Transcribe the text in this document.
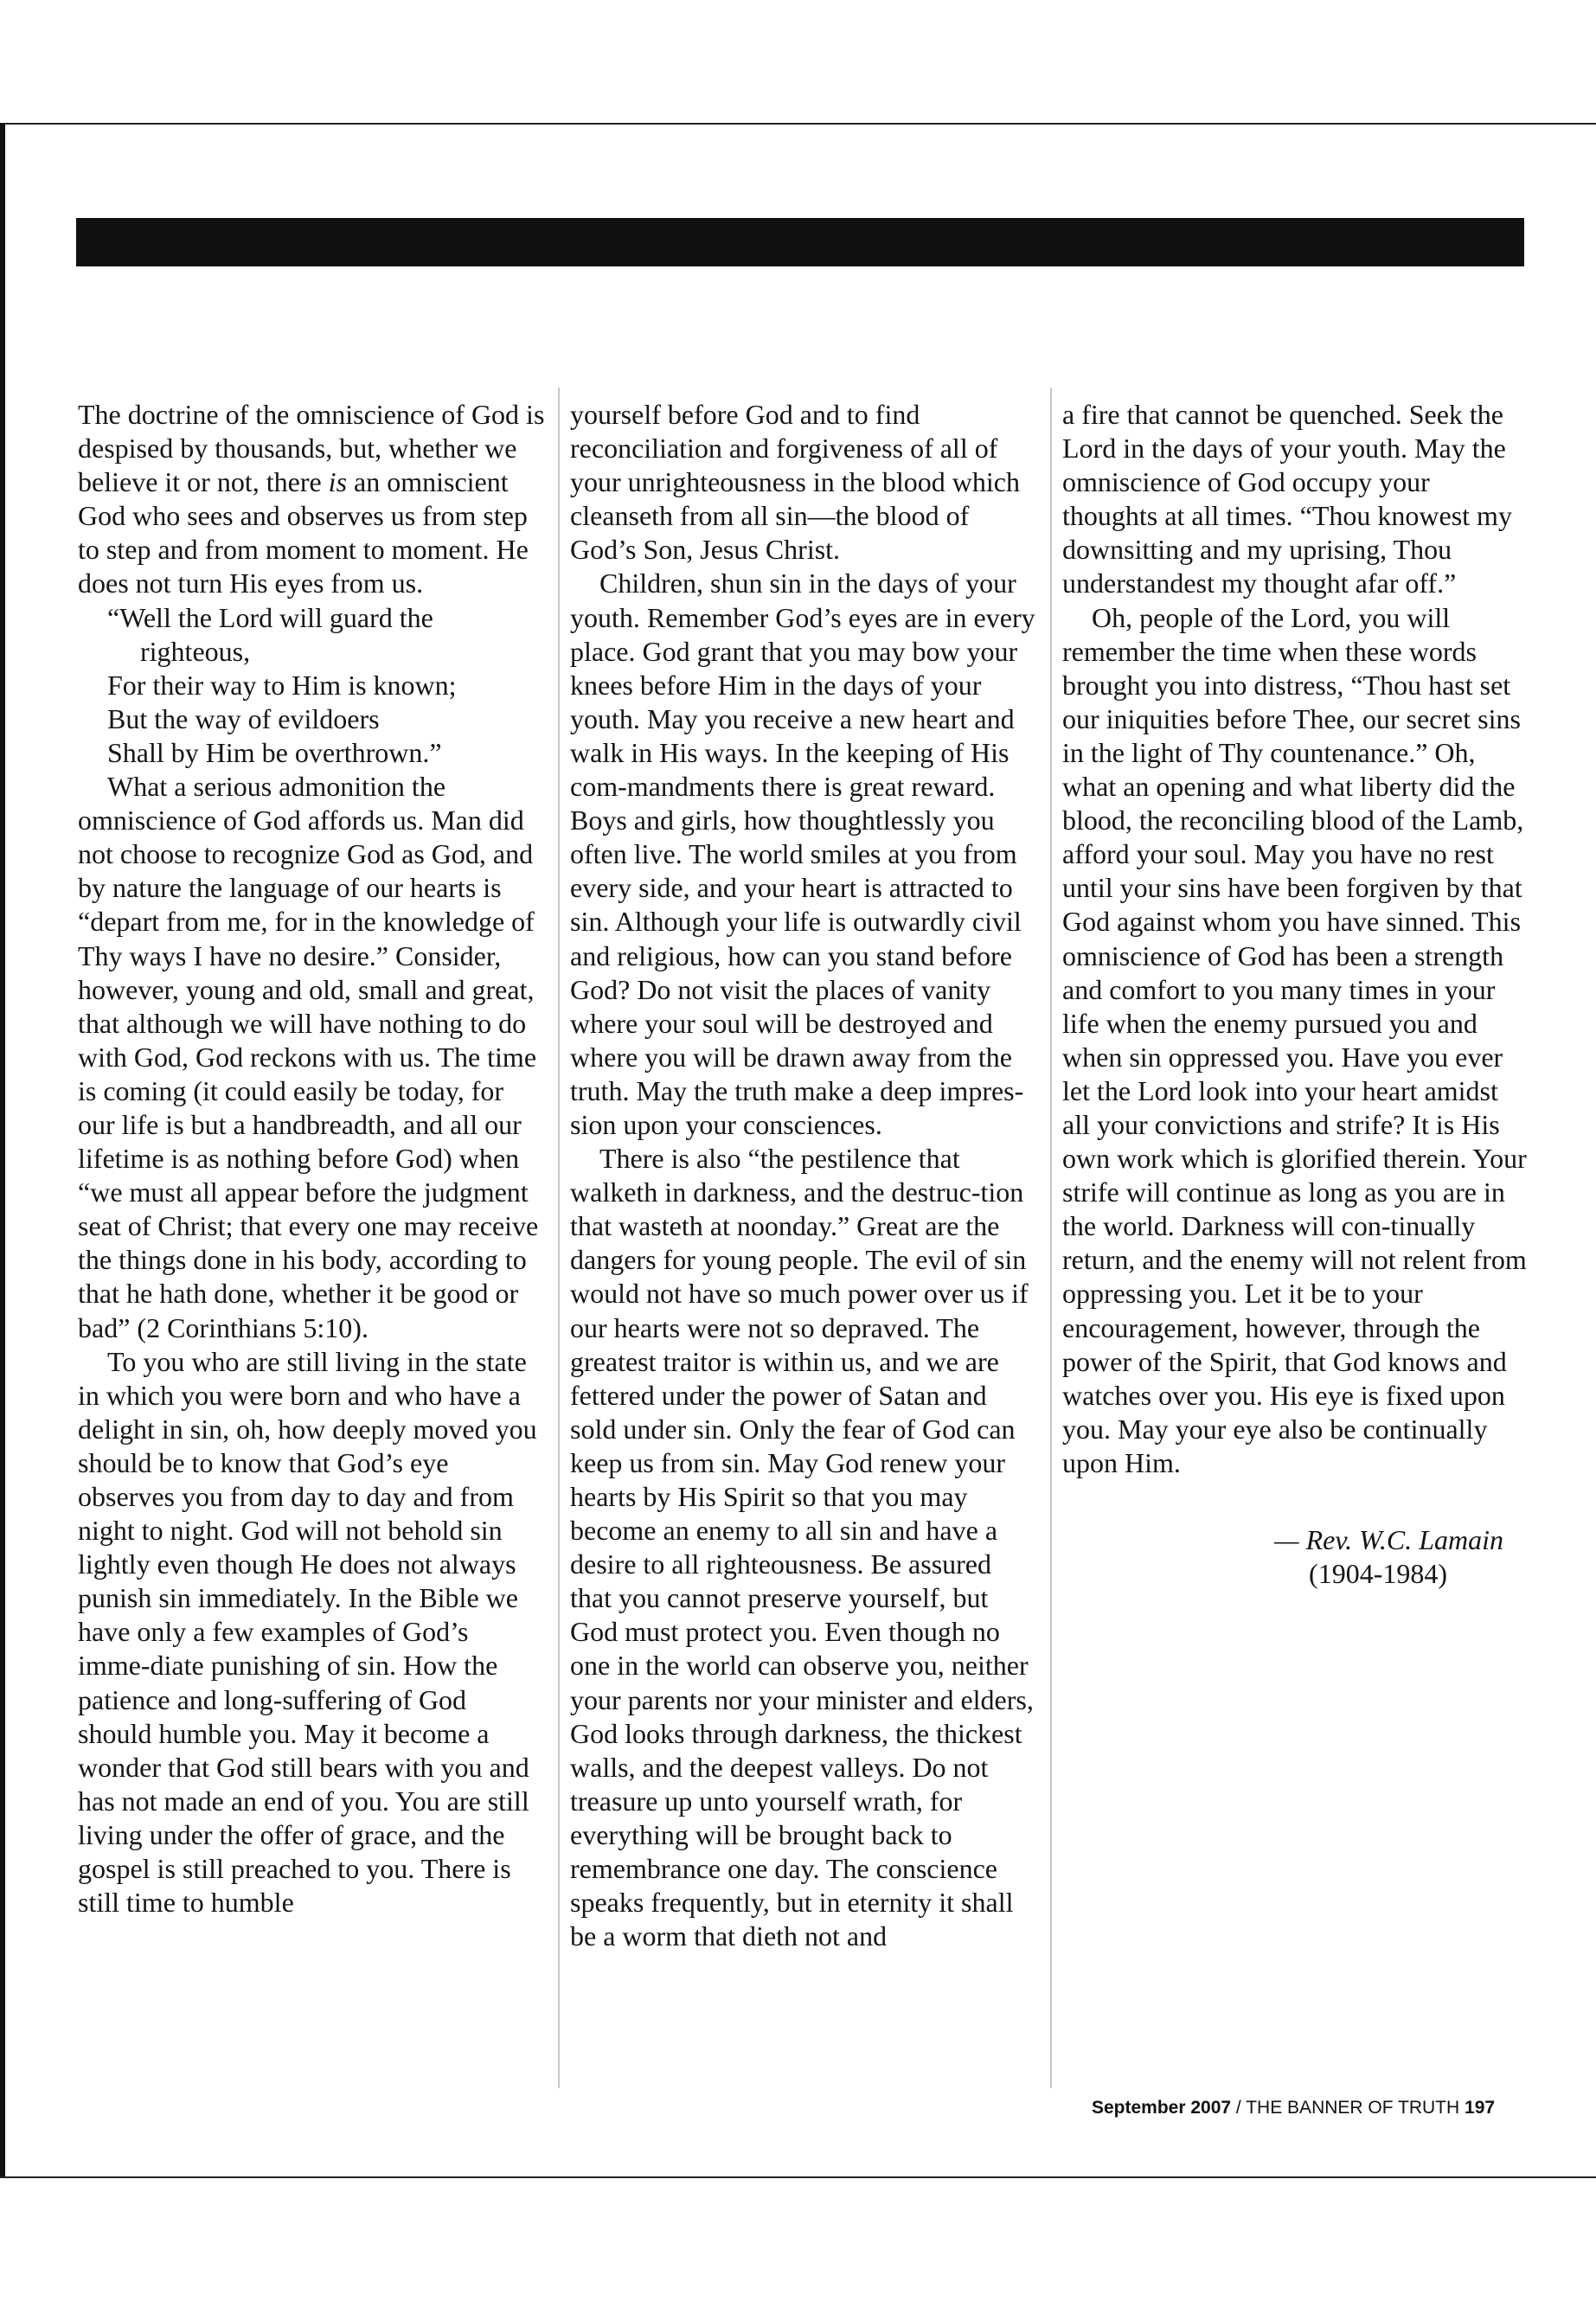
The doctrine of the omniscience of God is despised by thousands, but, whether we believe it or not, there is an omniscient God who sees and observes us from step to step and from moment to moment. He does not turn His eyes from us.

“Well the Lord will guard the
righteous,
For their way to Him is known;
But the way of evildoers
Shall by Him be overthrown.”

What a serious admonition the omniscience of God affords us. Man did not choose to recognize God as God, and by nature the language of our hearts is “depart from me, for in the knowledge of Thy ways I have no desire.” Consider, however, young and old, small and great, that although we will have nothing to do with God, God reckons with us. The time is coming (it could easily be today, for our life is but a handbreadth, and all our lifetime is as nothing before God) when “we must all appear before the judgment seat of Christ; that every one may receive the things done in his body, according to that he hath done, whether it be good or bad” (2 Corinthians 5:10).

To you who are still living in the state in which you were born and who have a delight in sin, oh, how deeply moved you should be to know that God’s eye observes you from day to day and from night to night. God will not behold sin lightly even though He does not always punish sin immediately. In the Bible we have only a few examples of God’s imme-diate punishing of sin. How the patience and long-suffering of God should humble you. May it become a wonder that God still bears with you and has not made an end of you. You are still living under the offer of grace, and the gospel is still preached to you. There is still time to humble

yourself before God and to find reconciliation and forgiveness of all of your unrighteousness in the blood which cleanseth from all sin—the blood of God’s Son, Jesus Christ.

Children, shun sin in the days of your youth. Remember God’s eyes are in every place. God grant that you may bow your knees before Him in the days of your youth. May you receive a new heart and walk in His ways. In the keeping of His com-mandments there is great reward. Boys and girls, how thoughtlessly you often live. The world smiles at you from every side, and your heart is attracted to sin. Although your life is outwardly civil and religious, how can you stand before God? Do not visit the places of vanity where your soul will be destroyed and where you will be drawn away from the truth. May the truth make a deep impres-sion upon your consciences.

There is also “the pestilence that walketh in darkness, and the destruc-tion that wasteth at noonday.” Great are the dangers for young people. The evil of sin would not have so much power over us if our hearts were not so depraved. The greatest traitor is within us, and we are fettered under the power of Satan and sold under sin. Only the fear of God can keep us from sin. May God renew your hearts by His Spirit so that you may become an enemy to all sin and have a desire to all righteousness. Be assured that you cannot preserve yourself, but God must protect you. Even though no one in the world can observe you, neither your parents nor your minister and elders, God looks through darkness, the thickest walls, and the deepest valleys. Do not treasure up unto yourself wrath, for everything will be brought back to remembrance one day. The conscience speaks frequently, but in eternity it shall be a worm that dieth not and

a fire that cannot be quenched. Seek the Lord in the days of your youth. May the omniscience of God occupy your thoughts at all times. “Thou knowest my downsitting and my uprising, Thou understandest my thought afar off.”

Oh, people of the Lord, you will remember the time when these words brought you into distress, “Thou hast set our iniquities before Thee, our secret sins in the light of Thy countenance.” Oh, what an opening and what liberty did the blood, the reconciling blood of the Lamb, afford your soul. May you have no rest until your sins have been forgiven by that God against whom you have sinned. This omniscience of God has been a strength and comfort to you many times in your life when the enemy pursued you and when sin oppressed you. Have you ever let the Lord look into your heart amidst all your convictions and strife? It is His own work which is glorified therein. Your strife will continue as long as you are in the world. Darkness will con-tinually return, and the enemy will not relent from oppressing you. Let it be to your encouragement, however, through the power of the Spirit, that God knows and watches over you. His eye is fixed upon you. May your eye also be continually upon Him.

— Rev. W.C. Lamain
(1904-1984)
September 2007 / THE BANNER OF TRUTH 197
